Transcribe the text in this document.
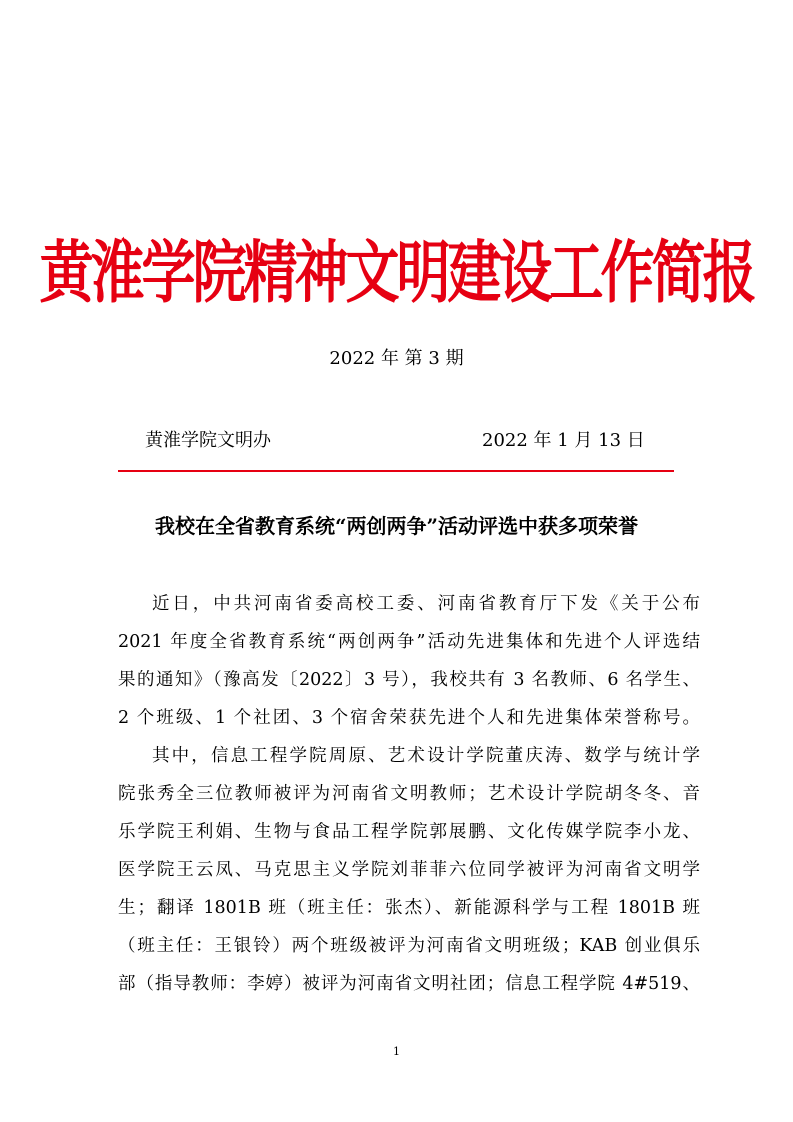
黄淮学院精神文明建设工作简报
2022 年 第 3 期
黄淮学院文明办	2022 年 1 月 13 日
我校在全省教育系统“两创两争”活动评选中获多项荣誉
近日，中共河南省委高校工委、河南省教育厅下发《关于公布
2021 年度全省教育系统“两创两争”活动先进集体和先进个人评选结
果的通知》（豫高发〔2022〕3 号），我校共有 3 名教师、6 名学生、
2 个班级、1 个社团、3 个宿舍荣获先进个人和先进集体荣誉称号。
其中，信息工程学院周原、艺术设计学院董庆涛、数学与统计学
院张秀全三位教师被评为河南省文明教师；艺术设计学院胡冬冬、音
乐学院王利娟、生物与食品工程学院郭展鹏、文化传媒学院李小龙、
医学院王云凤、马克思主义学院刘菲菲六位同学被评为河南省文明学
生；翻译 1801B 班（班主任：张杰）、新能源科学与工程 1801B 班
（班主任：王银铃）两个班级被评为河南省文明班级；KAB 创业俱乐
部（指导教师：李婷）被评为河南省文明社团；信息工程学院 4#519、
1
